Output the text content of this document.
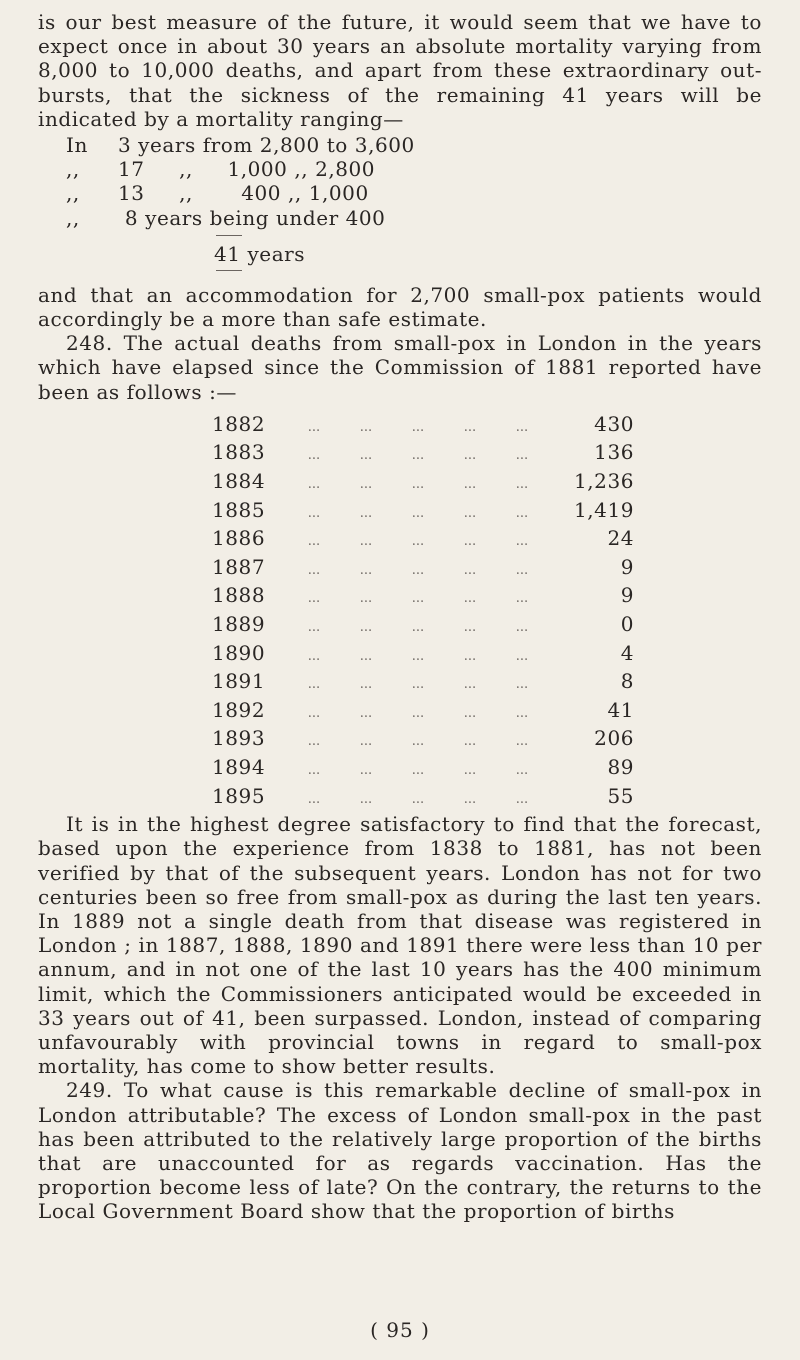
is our best measure of the future, it would seem that we have to expect once in about 30 years an absolute mortality varying from 8,000 to 10,000 deaths, and apart from these extraordinary out-bursts, that the sickness of the remaining 41 years will be indicated by a mortality ranging—

In	3 years from 2,800 to 3,600
,,	17     ,,     1,000 ,, 2,800
,,	13     ,,       400 ,, 1,000
,,	8 years being under 400
41 years

and that an accommodation for 2,700 small-pox patients would accordingly be a more than safe estimate.

248. The actual deaths from small-pox in London in the years which have elapsed since the Commission of 1881 reported have been as follows :—

1882	...	...	...	...	...	430
1883	...	...	...	...	...	136
1884	...	...	...	...	...	1,236
1885	...	...	...	...	...	1,419
1886	...	...	...	...	...	24
1887	...	...	...	...	...	9
1888	...	...	...	...	...	9
1889	...	...	...	...	...	0
1890	...	...	...	...	...	4
1891	...	...	...	...	...	8
1892	...	...	...	...	...	41
1893	...	...	...	...	...	206
1894	...	...	...	...	...	89
1895	...	...	...	...	...	55

It is in the highest degree satisfactory to find that the forecast, based upon the experience from 1838 to 1881, has not been verified by that of the subsequent years. London has not for two centuries been so free from small-pox as during the last ten years. In 1889 not a single death from that disease was registered in London ; in 1887, 1888, 1890 and 1891 there were less than 10 per annum, and in not one of the last 10 years has the 400 minimum limit, which the Commissioners anticipated would be exceeded in 33 years out of 41, been surpassed. London, instead of comparing unfavourably with provincial towns in regard to small-pox mortality, has come to show better results.

249. To what cause is this remarkable decline of small-pox in London attributable? The excess of London small-pox in the past has been attributed to the relatively large proportion of the births that are unaccounted for as regards vaccination. Has the proportion become less of late? On the contrary, the returns to the Local Government Board show that the proportion of births

( 95 )
